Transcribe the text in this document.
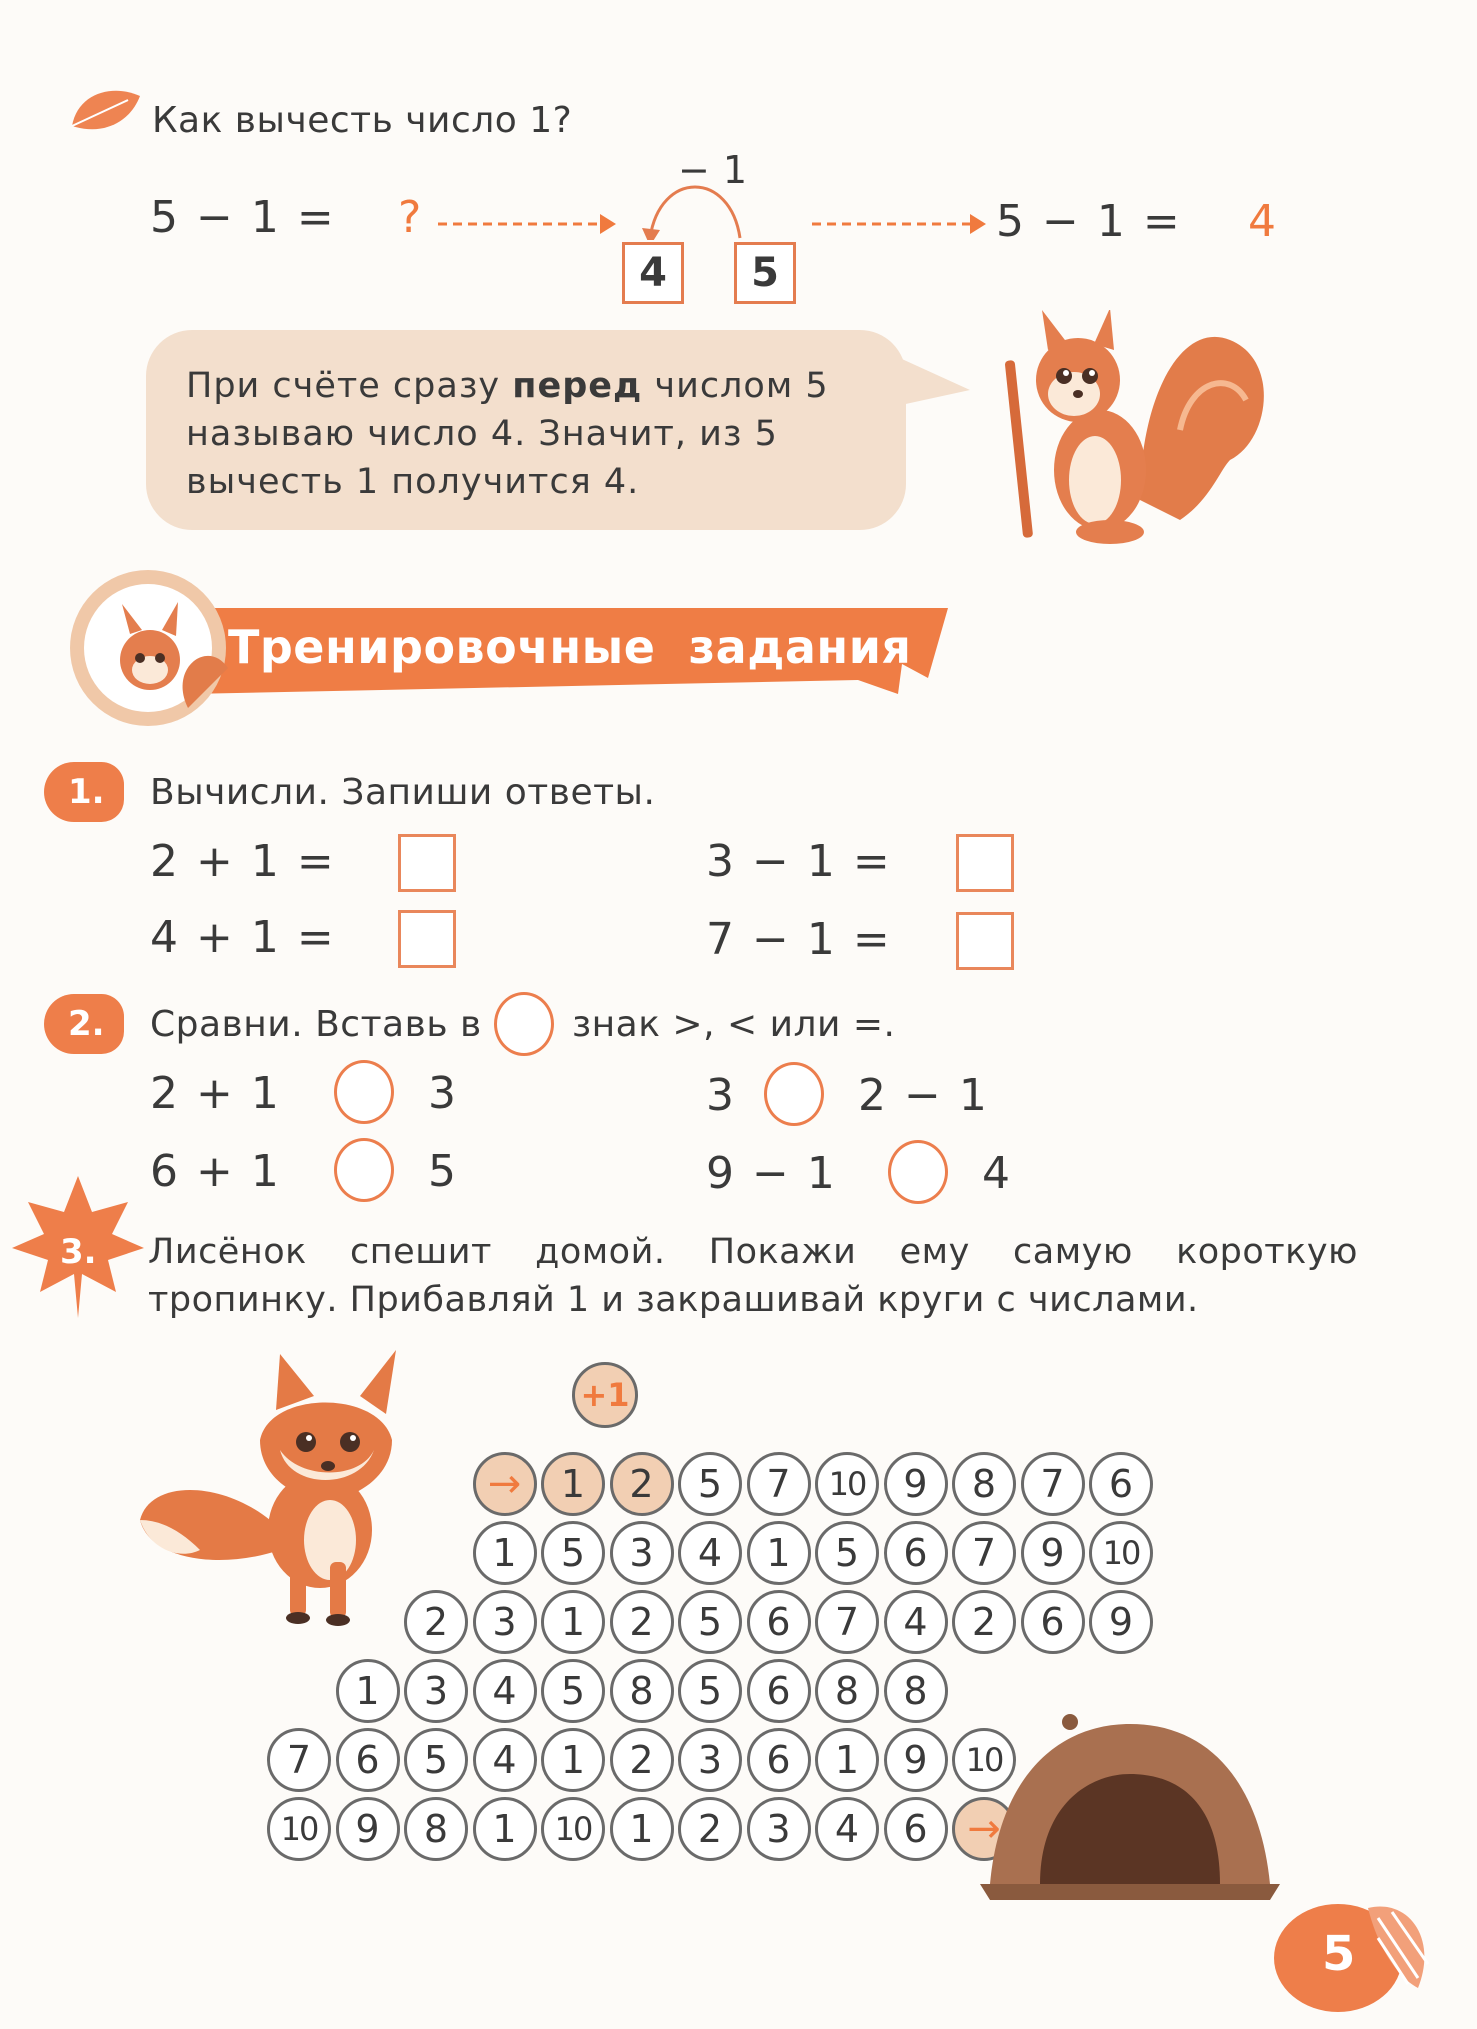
Как вычесть число 1?
5 − 1 = ?
− 1
4	5
5 − 1 = 4
При счёте сразу перед числом 5
называю число 4. Значит, из 5
вычесть 1 получится 4.
Тренировочные  задания
1.	Вычисли. Запиши ответы.
2 + 1 =	3 − 1 =
4 + 1 =	7 − 1 =
2.	Сравни. Вставь в	знак >, < или =.
2 + 1	3	3	2 − 1
6 + 1	5	9 − 1	4
3. Лисёнок спешит домой. Покажи ему самую короткую
тропинку. Прибавляй 1 и закрашивай круги с числами.
+1
→	1	2	5	7	10	9	8	7	6
1	5	3	4	1	5	6	7	9	10
2	3	1	2	5	6	7	4	2	6	9
1	3	4	5	8	5	6	8	8
7	6	5	4	1	2	3	6	1	9	10
10	9	8	1	10	1	2	3	4	6 →
5
